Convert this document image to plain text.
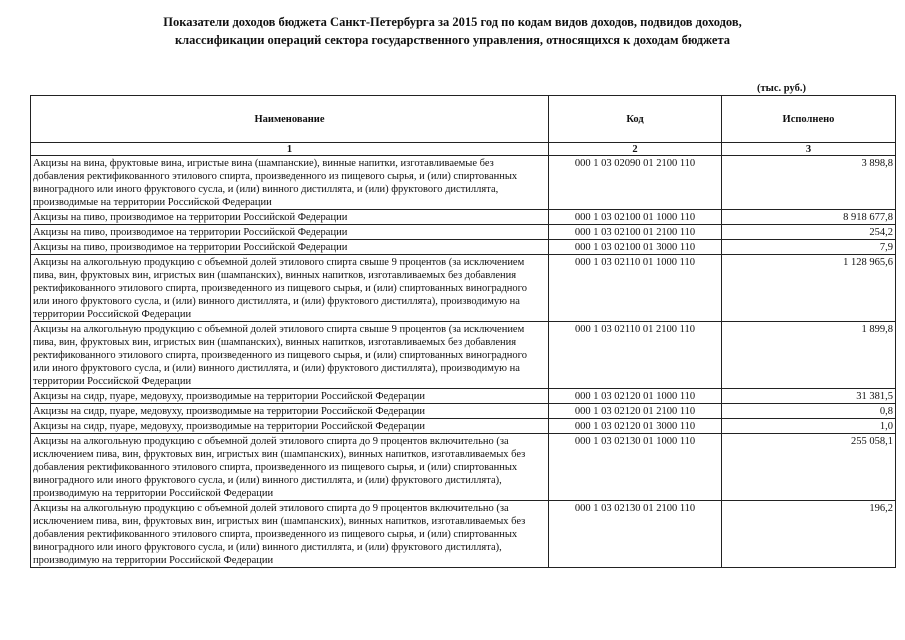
Показатели доходов бюджета Санкт-Петербурга за 2015 год по кодам видов доходов, подвидов доходов,
классификации операций сектора государственного управления, относящихся к доходам бюджета
(тыс. руб.)
Наименование	Код	Исполнено
1	2	3
Акцизы на вина, фруктовые вина, игристые вина (шампанские), винные напитки, изготавливаемые без добавления ректификованного этилового спирта, произведенного из пищевого сырья, и (или) спиртованных виноградного или иного фруктового сусла, и (или) винного дистиллята, и (или) фруктового дистиллята, производимые на территории Российской Федерации	000 1 03 02090 01 2100 110	3 898,8
Акцизы на пиво, производимое на территории Российской Федерации	000 1 03 02100 01 1000 110	8 918 677,8
Акцизы на пиво, производимое на территории Российской Федерации	000 1 03 02100 01 2100 110	254,2
Акцизы на пиво, производимое на территории Российской Федерации	000 1 03 02100 01 3000 110	7,9
Акцизы на алкогольную продукцию с объемной долей этилового спирта свыше 9 процентов (за исключением пива, вин, фруктовых вин, игристых вин (шампанских), винных напитков, изготавливаемых без добавления ректификованного этилового спирта, произведенного из пищевого сырья, и (или) спиртованных виноградного или иного фруктового сусла, и (или) винного дистиллята, и (или) фруктового дистиллята), производимую на территории Российской Федерации	000 1 03 02110 01 1000 110	1 128 965,6
Акцизы на алкогольную продукцию с объемной долей этилового спирта свыше 9 процентов (за исключением пива, вин, фруктовых вин, игристых вин (шампанских), винных напитков, изготавливаемых без добавления ректификованного этилового спирта, произведенного из пищевого сырья, и (или) спиртованных виноградного или иного фруктового сусла, и (или) винного дистиллята, и (или) фруктового дистиллята), производимую на территории Российской Федерации	000 1 03 02110 01 2100 110	1 899,8
Акцизы на сидр, пуаре, медовуху, производимые на территории Российской Федерации	000 1 03 02120 01 1000 110	31 381,5
Акцизы на сидр, пуаре, медовуху, производимые на территории Российской Федерации	000 1 03 02120 01 2100 110	0,8
Акцизы на сидр, пуаре, медовуху, производимые на территории Российской Федерации	000 1 03 02120 01 3000 110	1,0
Акцизы на алкогольную продукцию с объемной долей этилового спирта до 9 процентов включительно (за исключением пива, вин, фруктовых вин, игристых вин (шампанских), винных напитков, изготавливаемых без добавления ректификованного этилового спирта, произведенного из пищевого сырья, и (или) спиртованных виноградного или иного фруктового сусла, и (или) винного дистиллята, и (или) фруктового дистиллята), производимую на территории Российской Федерации	000 1 03 02130 01 1000 110	255 058,1
Акцизы на алкогольную продукцию с объемной долей этилового спирта до 9 процентов включительно (за исключением пива, вин, фруктовых вин, игристых вин (шампанских), винных напитков, изготавливаемых без добавления ректификованного этилового спирта, произведенного из пищевого сырья, и (или) спиртованных виноградного или иного фруктового сусла, и (или) винного дистиллята, и (или) фруктового дистиллята), производимую на территории Российской Федерации	000 1 03 02130 01 2100 110	196,2
